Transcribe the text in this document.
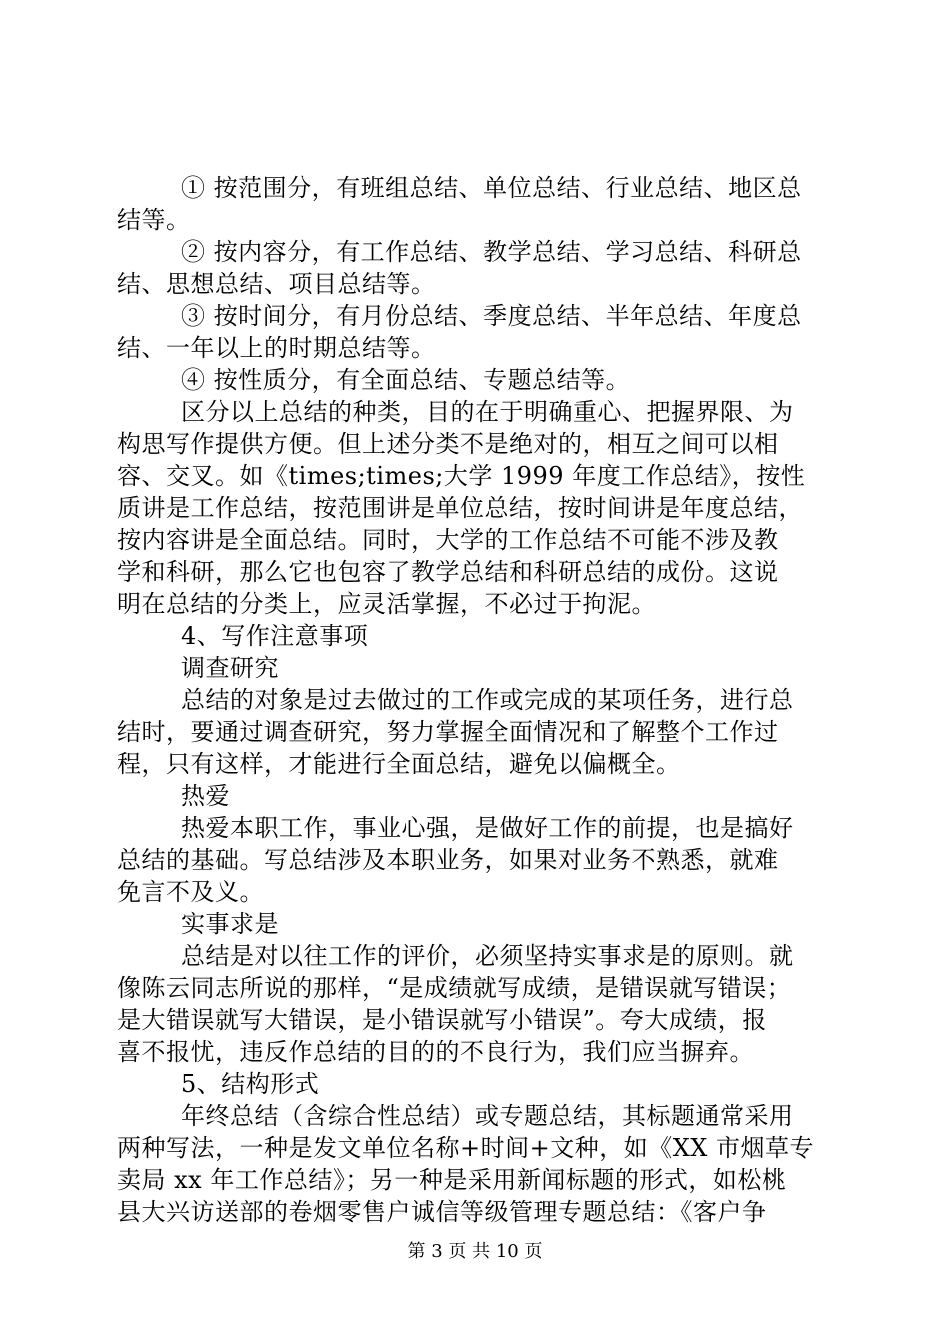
① 按范围分，有班组总结、单位总结、行业总结、地区总
结等。
② 按内容分，有工作总结、教学总结、学习总结、科研总
结、思想总结、项目总结等。
③ 按时间分，有月份总结、季度总结、半年总结、年度总
结、一年以上的时期总结等。
④ 按性质分，有全面总结、专题总结等。
区分以上总结的种类，目的在于明确重心、把握界限、为
构思写作提供方便。但上述分类不是绝对的，相互之间可以相
容、交叉。如《times;times;大学 1999 年度工作总结》，按性
质讲是工作总结，按范围讲是单位总结，按时间讲是年度总结，
按内容讲是全面总结。同时，大学的工作总结不可能不涉及教
学和科研，那么它也包容了教学总结和科研总结的成份。这说
明在总结的分类上，应灵活掌握，不必过于拘泥。
4、写作注意事项
调查研究
总结的对象是过去做过的工作或完成的某项任务，进行总
结时，要通过调查研究，努力掌握全面情况和了解整个工作过
程，只有这样，才能进行全面总结，避免以偏概全。
热爱
热爱本职工作，事业心强，是做好工作的前提，也是搞好
总结的基础。写总结涉及本职业务，如果对业务不熟悉，就难
免言不及义。
实事求是
总结是对以往工作的评价，必须坚持实事求是的原则。就
像陈云同志所说的那样，“是成绩就写成绩，是错误就写错误；
是大错误就写大错误，是小错误就写小错误”。夸大成绩，报
喜不报忧，违反作总结的目的的不良行为，我们应当摒弃。
5、结构形式
年终总结（含综合性总结）或专题总结，其标题通常采用
两种写法，一种是发文单位名称+时间+文种，如《XX 市烟草专
卖局 xx 年工作总结》；另一种是采用新闻标题的形式，如松桃
县大兴访送部的卷烟零售户诚信等级管理专题总结：《客户争
第 3 页 共 10 页
